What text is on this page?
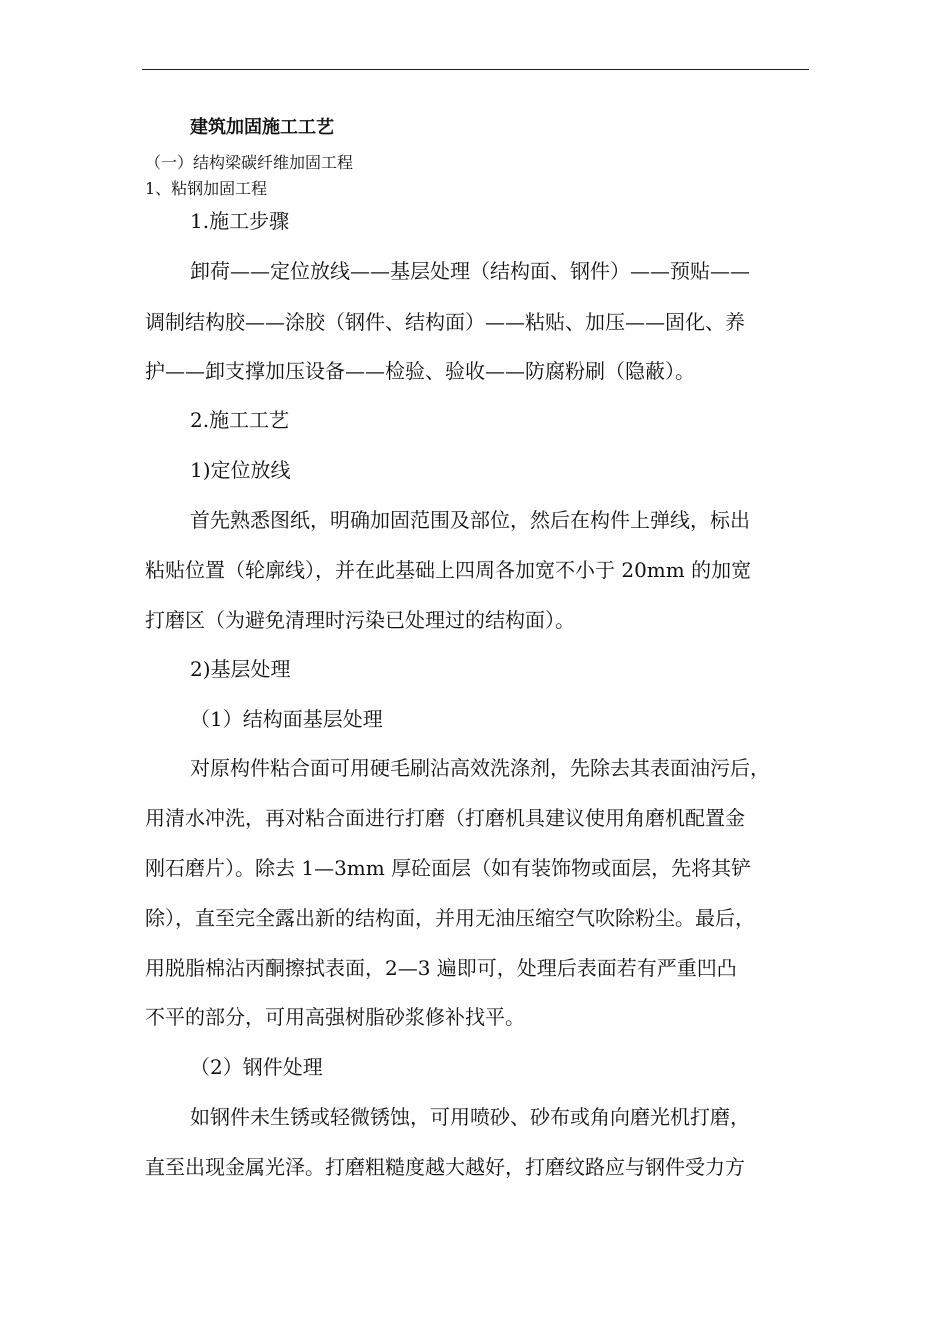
建筑加固施工工艺
（一）结构梁碳纤维加固工程
1、粘钢加固工程
1.施工步骤
卸荷——定位放线——基层处理（结构面、钢件）——预贴——
调制结构胶——涂胶（钢件、结构面）——粘贴、加压——固化、养
护——卸支撑加压设备——检验、验收——防腐粉刷（隐蔽）。
2.施工工艺
1)定位放线
首先熟悉图纸，明确加固范围及部位，然后在构件上弹线，标出
粘贴位置（轮廓线），并在此基础上四周各加宽不小于 20mm 的加宽
打磨区（为避免清理时污染已处理过的结构面）。
2)基层处理
（1）结构面基层处理
对原构件粘合面可用硬毛刷沾高效洗涤剂，先除去其表面油污后，
用清水冲洗，再对粘合面进行打磨（打磨机具建议使用角磨机配置金
刚石磨片）。除去 1—3mm 厚砼面层（如有装饰物或面层，先将其铲
除），直至完全露出新的结构面，并用无油压缩空气吹除粉尘。最后，
用脱脂棉沾丙酮擦拭表面，2—3 遍即可，处理后表面若有严重凹凸
不平的部分，可用高强树脂砂浆修补找平。
（2）钢件处理
如钢件未生锈或轻微锈蚀，可用喷砂、砂布或角向磨光机打磨，
直至出现金属光泽。打磨粗糙度越大越好，打磨纹路应与钢件受力方
